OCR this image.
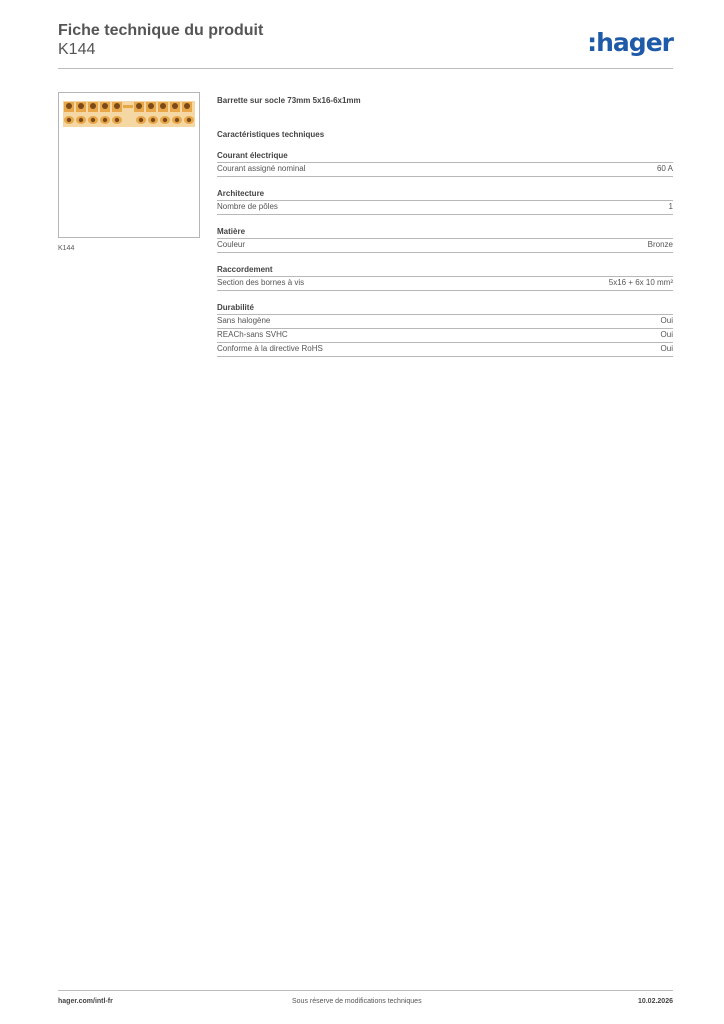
Fiche technique du produit
K144	:hager
K144
Barrette sur socle 73mm 5x16-6x1mm
Caractéristiques techniques
Courant électrique
Courant assigné nominal	60 A
Architecture
Nombre de pôles	1
Matière
Couleur	Bronze
Raccordement
Section des bornes à vis	5x16 + 6x 10 mm²
Durabilité
Sans halogène	Oui
REACh-sans SVHC	Oui
Conforme à la directive RoHS	Oui
hager.com/intl-fr	Sous réserve de modifications techniques	10.02.2026
